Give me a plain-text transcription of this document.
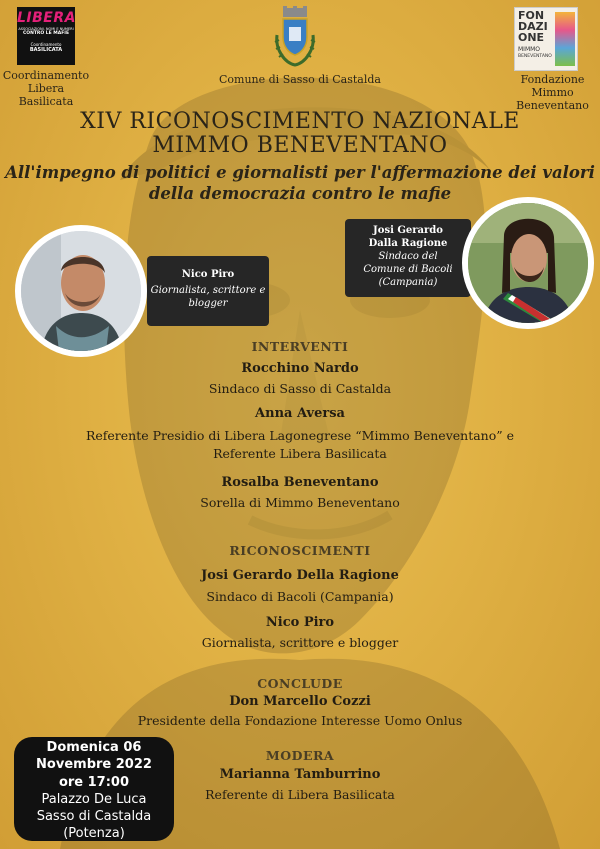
LIBERA
ASSOCIAZIONI, NOMI E NUMERI
CONTRO LE MAFIE
Coordinamento
BASILICATA
Coordinamento
Libera Basilicata
Comune di Sasso di Castalda
FON
DAZI
ONE
MIMMO
BENEVENTANO
Fondazione
Mimmo Beneventano
XIV RICONOSCIMENTO NAZIONALE
MIMMO BENEVENTANO
All'impegno di politici e giornalisti per l'affermazione dei valori
della democrazia contro le mafie
Nico Piro
Giornalista, scrittore e
blogger
Josi Gerardo
Dalla Ragione
Sindaco del
Comune di Bacoli
(Campania)
INTERVENTI
Rocchino Nardo
Sindaco di Sasso di Castalda
Anna Aversa
Referente Presidio di Libera Lagonegrese “Mimmo Beneventano” e
Referente Libera Basilicata
Rosalba Beneventano
Sorella di Mimmo Beneventano
RICONOSCIMENTI
Josi Gerardo Della Ragione
Sindaco di Bacoli (Campania)
Nico Piro
Giornalista, scrittore e blogger
CONCLUDE
Don Marcello Cozzi
Presidente della Fondazione Interesse Uomo Onlus
MODERA
Marianna Tamburrino
Referente di Libera Basilicata
Domenica 06
Novembre 2022
ore 17:00
Palazzo De Luca
Sasso di Castalda
(Potenza)
